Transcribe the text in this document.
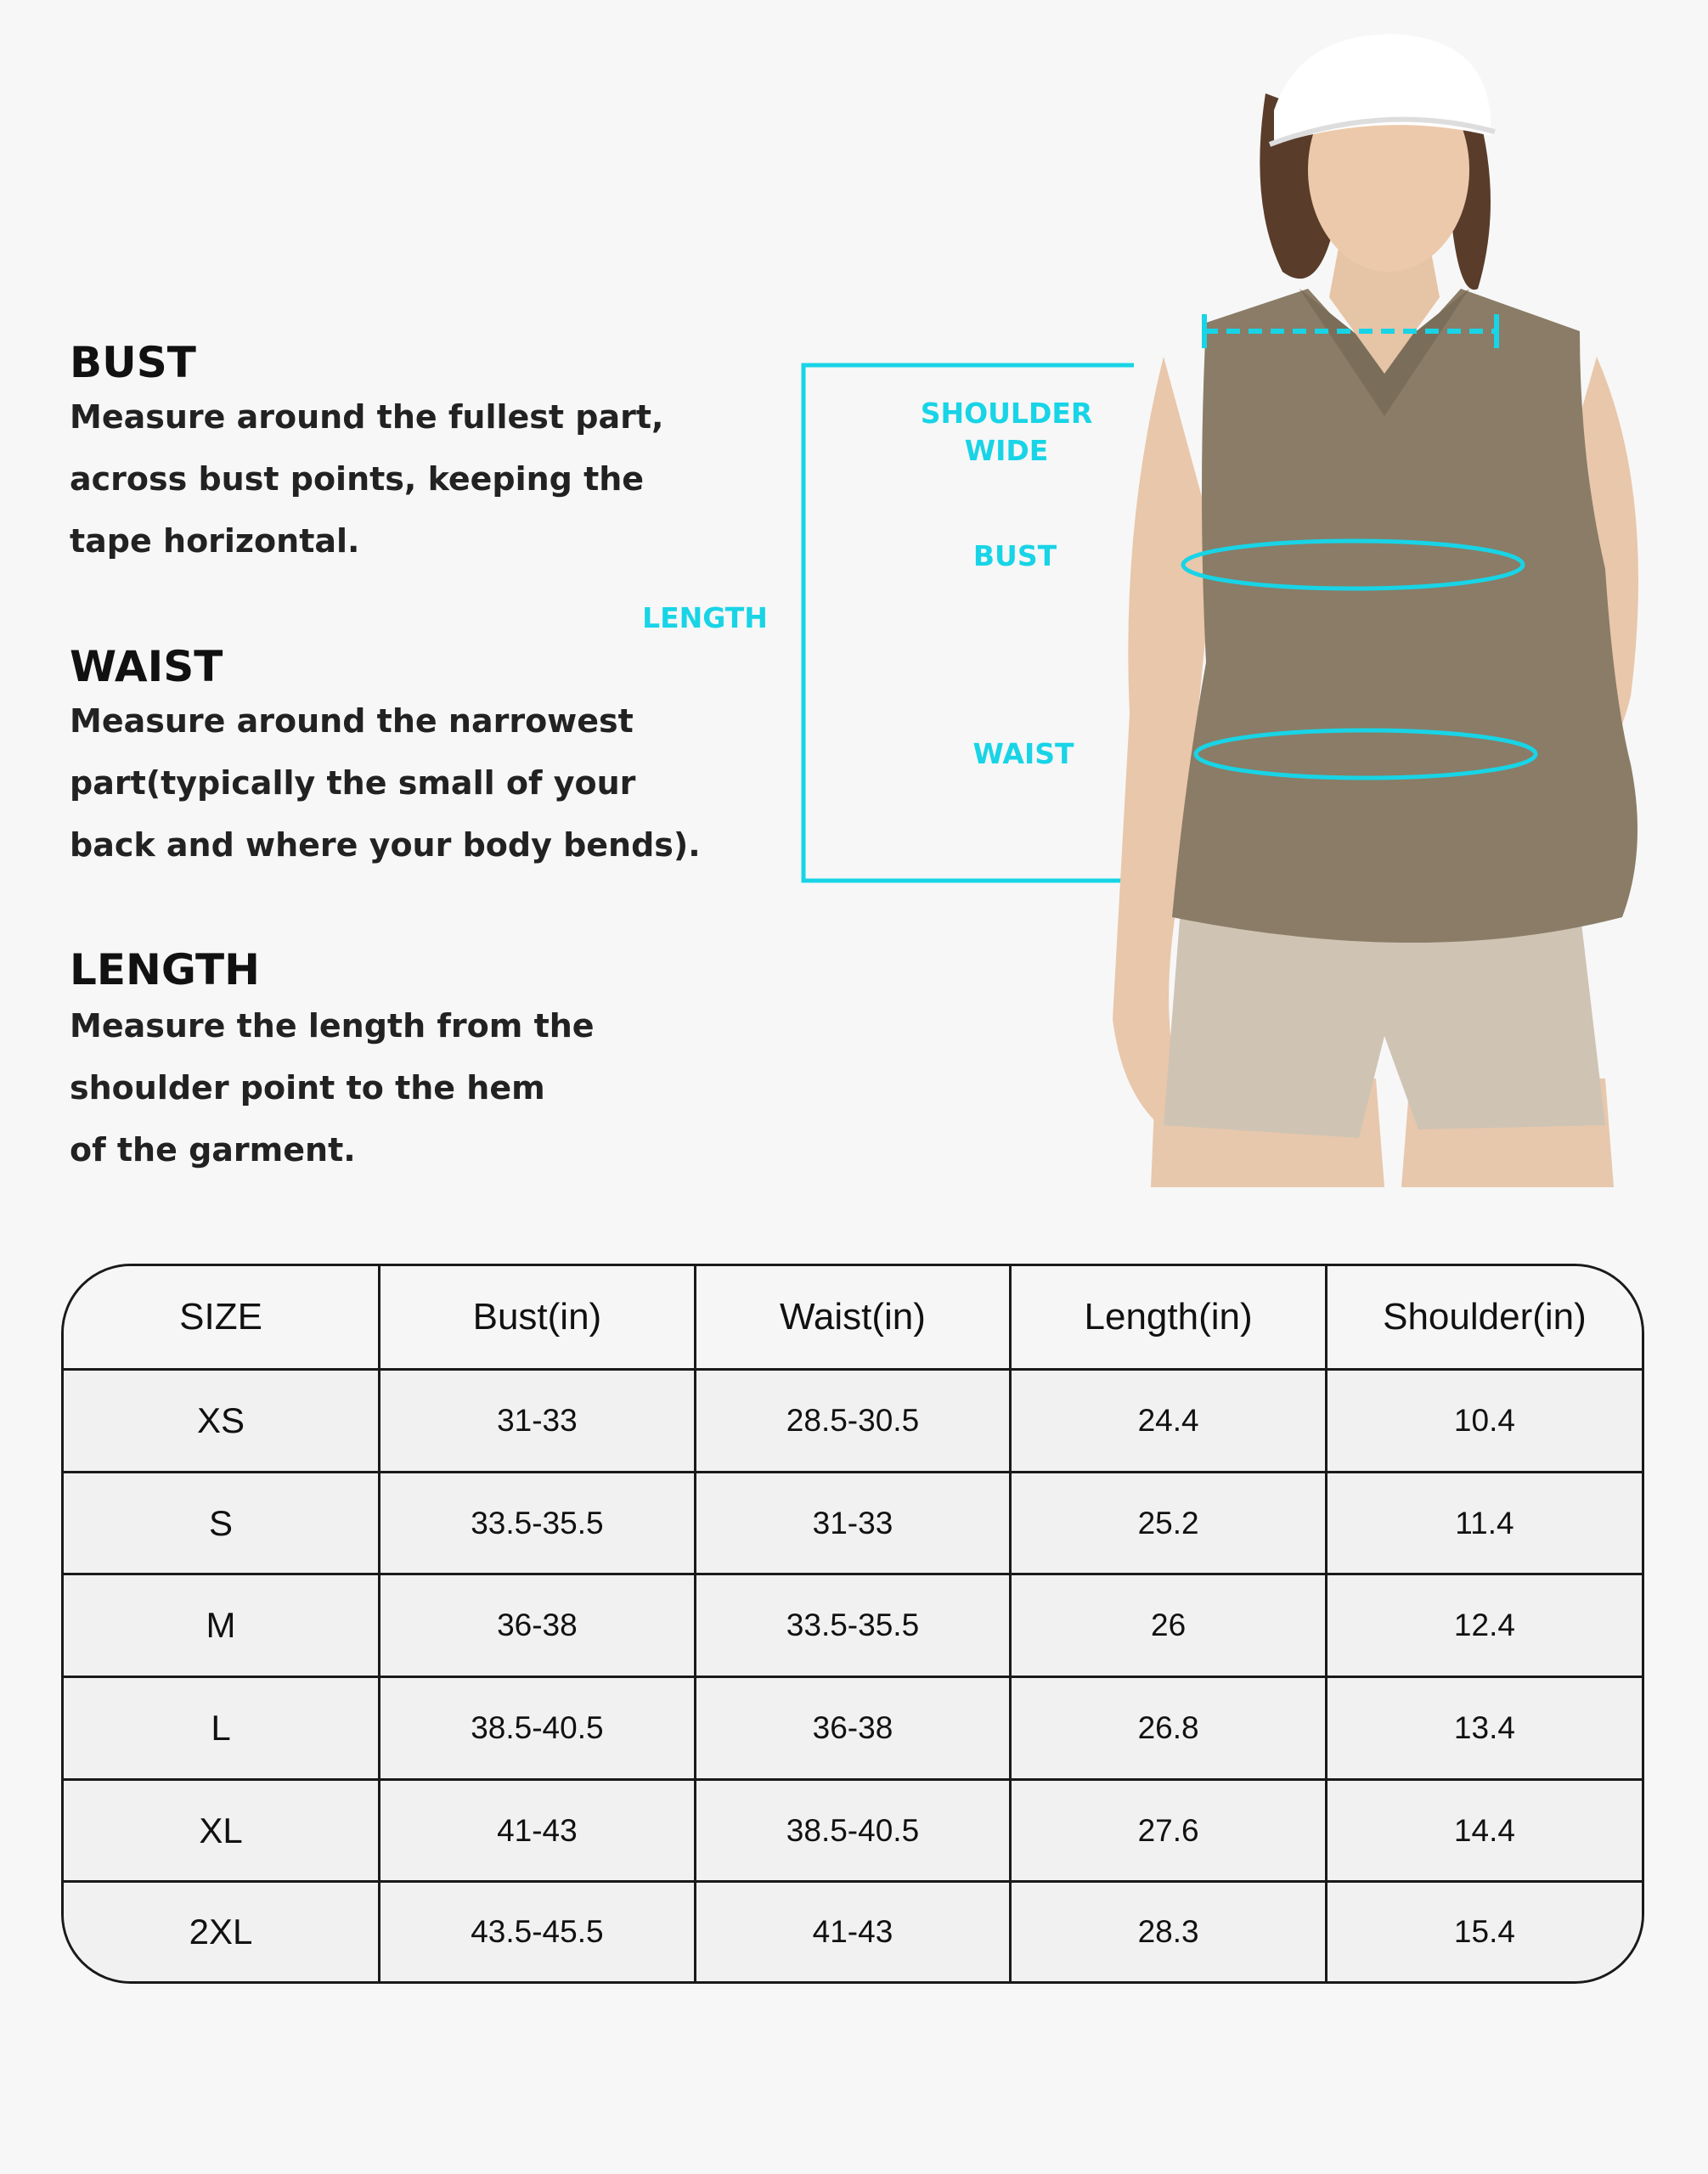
BUST

Measure around the fullest part,
across bust points, keeping the
tape horizontal.

WAIST

Measure around the narrowest
part(typically the small of your
back and where your body bends).

LENGTH

Measure the length from the
shoulder point to the hem
of the garment.

SHOULDER
WIDE
BUST
WAIST
LENGTH
SIZE	Bust(in)	Waist(in)	Length(in)	Shoulder(in)
XS	31-33	28.5-30.5	24.4	10.4
S	33.5-35.5	31-33	25.2	11.4
M	36-38	33.5-35.5	26	12.4
L	38.5-40.5	36-38	26.8	13.4
XL	41-43	38.5-40.5	27.6	14.4
2XL	43.5-45.5	41-43	28.3	15.4
